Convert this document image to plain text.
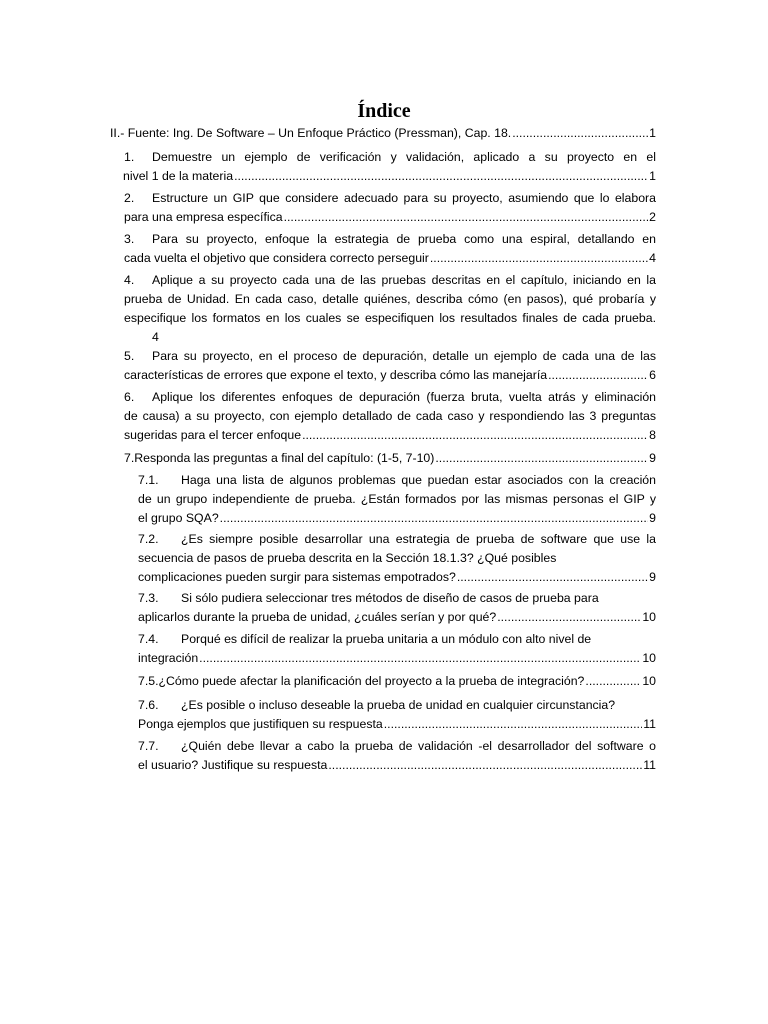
Índice
II.- Fuente: Ing. De Software – Un Enfoque Práctico (Pressman), Cap. 18. .....	1
1. Demuestre un ejemplo de verificación y validación, aplicado a su proyecto en el
nivel 1 de la materia .....	1
2. Estructure un GIP que considere adecuado para su proyecto, asumiendo que lo elabora
para una empresa específica .....	2
3. Para su proyecto, enfoque la estrategia de prueba como una espiral, detallando en
cada vuelta el objetivo que considera correcto perseguir .....	4
4. Aplique a su proyecto cada una de las pruebas descritas en el capítulo, iniciando en la
prueba de Unidad. En cada caso, detalle quiénes, describa cómo (en pasos), qué probaría y
especifique los formatos en los cuales se especifiquen los resultados finales de cada prueba.
4
5. Para su proyecto, en el proceso de depuración, detalle un ejemplo de cada una de las
características de errores que expone el texto, y describa cómo las manejaría .....	6
6. Aplique los diferentes enfoques de depuración (fuerza bruta, vuelta atrás y eliminación
de causa) a su proyecto, con ejemplo detallado de cada caso y respondiendo las 3 preguntas
sugeridas para el tercer enfoque .....	8
7. Responda las preguntas a final del capítulo: (1-5, 7-10) .....	9
7.1. Haga una lista de algunos problemas que puedan estar asociados con la creación
de un grupo independiente de prueba. ¿Están formados por las mismas personas el GIP y
el grupo SQA? .....	9
7.2. ¿Es siempre posible desarrollar una estrategia de prueba de software que use la
secuencia de pasos de prueba descrita en la Sección 18.1.3? ¿Qué posibles
complicaciones pueden surgir para sistemas empotrados? .....	9
7.3.	Si sólo pudiera seleccionar tres métodos de diseño de casos de prueba para
aplicarlos durante la prueba de unidad, ¿cuáles serían y por qué? .....	10
7.4.	Porqué es difícil de realizar la prueba unitaria a un módulo con alto nivel de
integración .....	10
7.5. ¿Cómo puede afectar la planificación del proyecto a la prueba de integración? .....	10
7.6.	¿Es posible o incluso deseable la prueba de unidad en cualquier circunstancia?
Ponga ejemplos que justifiquen su respuesta .....	11
7.7. ¿Quién debe llevar a cabo la prueba de validación -el desarrollador del software o
el usuario? Justifique su respuesta .....	11
